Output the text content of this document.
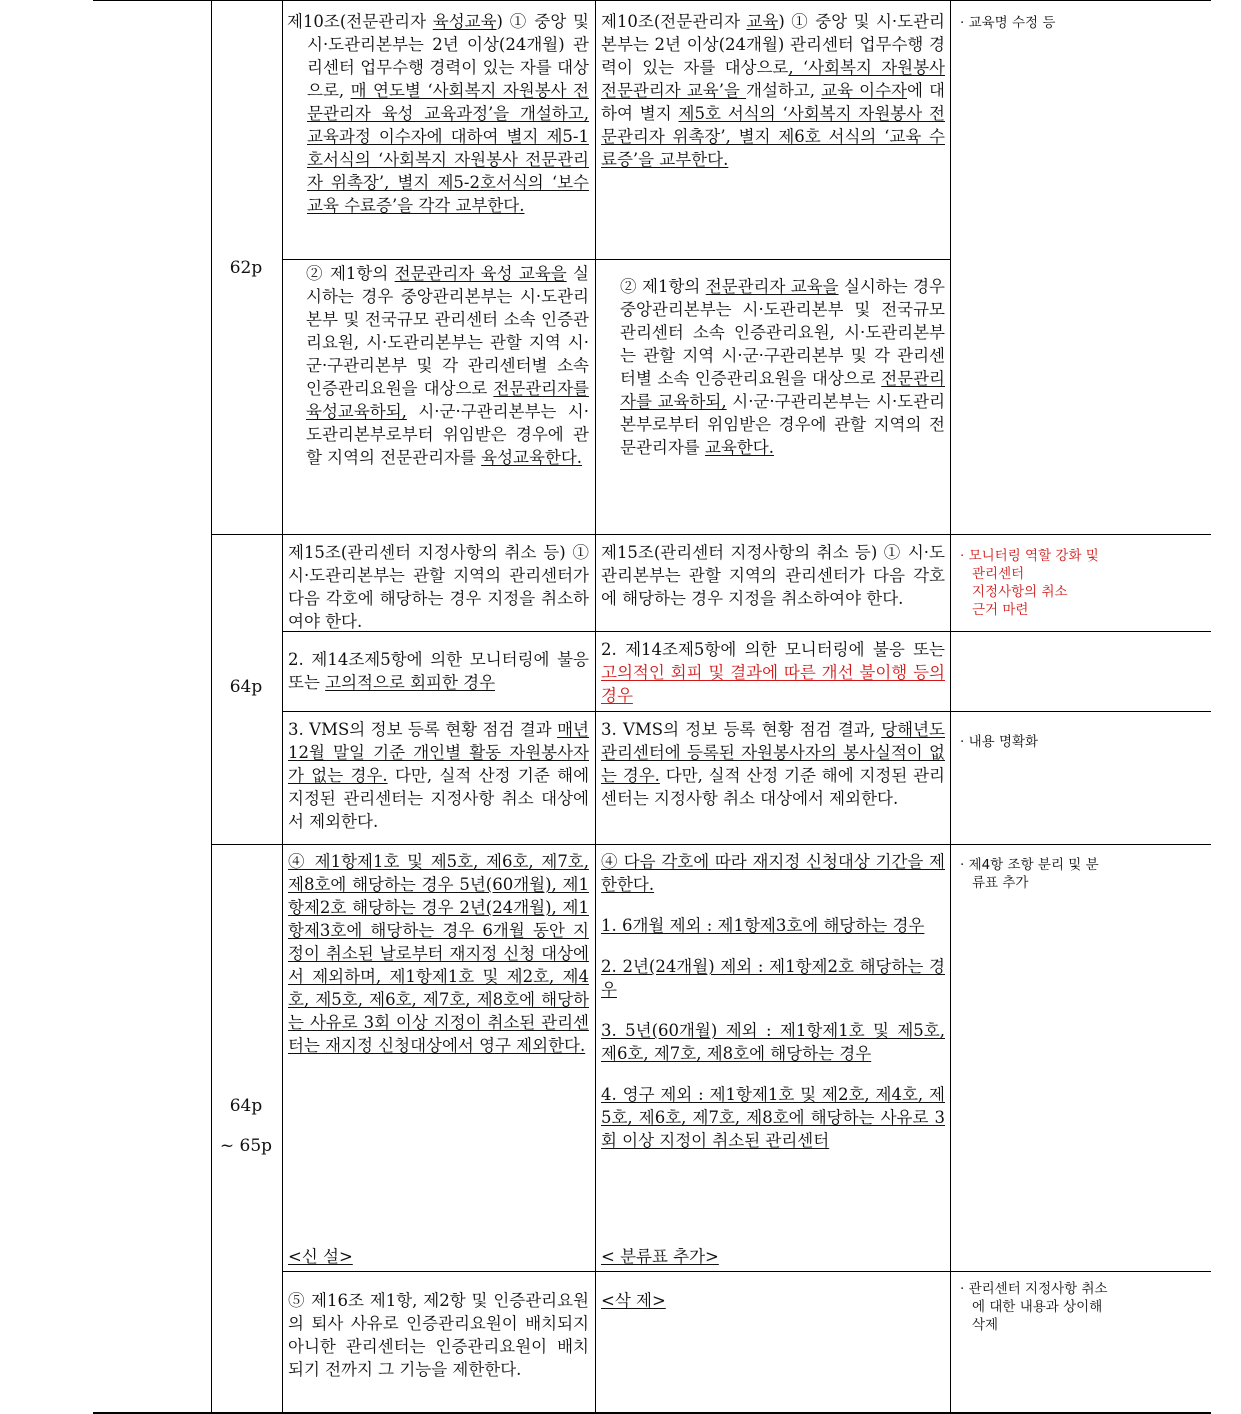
62p
64p
64p
~ 65p

제10조(전문관리자 육성교육) ① 중앙 및 시·도관리본부는 2년 이상(24개월) 관리센터 업무수행 경력이 있는 자를 대상으로, 매 연도별 ‘사회복지 자원봉사 전문관리자 육성 교육과정’을 개설하고, 교육과정 이수자에 대하여 별지 제5-1호서식의 ‘사회복지 자원봉사 전문관리자 위촉장’, 별지 제5-2호서식의 ‘보수교육 수료증’을 각각 교부한다.

제10조(전문관리자 교육) ① 중앙 및 시·도관리본부는 2년 이상(24개월) 관리센터 업무수행 경력이 있는 자를 대상으로, ‘사회복지 자원봉사 전문관리자 교육’을 개설하고, 교육 이수자에 대하여 별지 제5호 서식의 ‘사회복지 자원봉사 전문관리자 위촉장’, 별지 제6호 서식의 ‘교육 수료증’을 교부한다.

· 교육명 수정 등

② 제1항의 전문관리자 육성 교육을 실시하는 경우 중앙관리본부는 시·도관리본부 및 전국규모 관리센터 소속 인증관리요원, 시·도관리본부는 관할 지역 시·군·구관리본부 및 각 관리센터별 소속 인증관리요원을 대상으로 전문관리자를 육성교육하되, 시·군·구관리본부는 시·도관리본부로부터 위임받은 경우에 관할 지역의 전문관리자를 육성교육한다.

② 제1항의 전문관리자 교육을 실시하는 경우 중앙관리본부는 시·도관리본부 및 전국규모 관리센터 소속 인증관리요원, 시·도관리본부는 관할 지역 시·군·구관리본부 및 각 관리센터별 소속 인증관리요원을 대상으로 전문관리자를 교육하되, 시·군·구관리본부는 시·도관리본부로부터 위임받은 경우에 관할 지역의 전문관리자를 교육한다.

제15조(관리센터 지정사항의 취소 등) ① 시·도관리본부는 관할 지역의 관리센터가 다음 각호에 해당하는 경우 지정을 취소하여야 한다.

제15조(관리센터 지정사항의 취소 등) ① 시·도관리본부는 관할 지역의 관리센터가 다음 각호에 해당하는 경우 지정을 취소하여야 한다.

· 모니터링 역할 강화 및 관리센터
지정사항의 취소
근거 마련

2. 제14조제5항에 의한 모니터링에 불응 또는 고의적으로 회피한 경우

2. 제14조제5항에 의한 모니터링에 불응 또는 고의적인 회피 및 결과에 따른 개선 불이행 등의 경우

3. VMS의 정보 등록 현황 점검 결과 매년 12월 말일 기준 개인별 활동 자원봉사자가 없는 경우. 다만, 실적 산정 기준 해에 지정된 관리센터는 지정사항 취소 대상에서 제외한다.

3. VMS의 정보 등록 현황 점검 결과, 당해년도 관리센터에 등록된 자원봉사자의 봉사실적이 없는 경우. 다만, 실적 산정 기준 해에 지정된 관리센터는 지정사항 취소 대상에서 제외한다.

· 내용 명확화

④ 제1항제1호 및 제5호, 제6호, 제7호, 제8호에 해당하는 경우 5년(60개월), 제1항제2호 해당하는 경우 2년(24개월), 제1항제3호에 해당하는 경우 6개월 동안 지정이 취소된 날로부터 재지정 신청 대상에서 제외하며, 제1항제1호 및 제2호, 제4호, 제5호, 제6호, 제7호, 제8호에 해당하는 사유로 3회 이상 지정이 취소된 관리센터는 재지정 신청대상에서 영구 제외한다.

<신 설>

④ 다음 각호에 따라 재지정 신청대상 기간을 제한한다.

1. 6개월 제외 : 제1항제3호에 해당하는 경우

2. 2년(24개월) 제외 : 제1항제2호 해당하는 경우

3. 5년(60개월) 제외 : 제1항제1호 및 제5호, 제6호, 제7호, 제8호에 해당하는 경우

4. 영구 제외 : 제1항제1호 및 제2호, 제4호, 제5호, 제6호, 제7호, 제8호에 해당하는 사유로 3회 이상 지정이 취소된 관리센터

< 분류표 추가>

· 제4항 조항 분리 및 분류표 추가

⑤ 제16조 제1항, 제2항 및 인증관리요원의 퇴사 사유로 인증관리요원이 배치되지 아니한 관리센터는 인증관리요원이 배치되기 전까지 그 기능을 제한한다.

<삭 제>

· 관리센터 지정사항 취소에 대한 내용과 상이해 삭제
